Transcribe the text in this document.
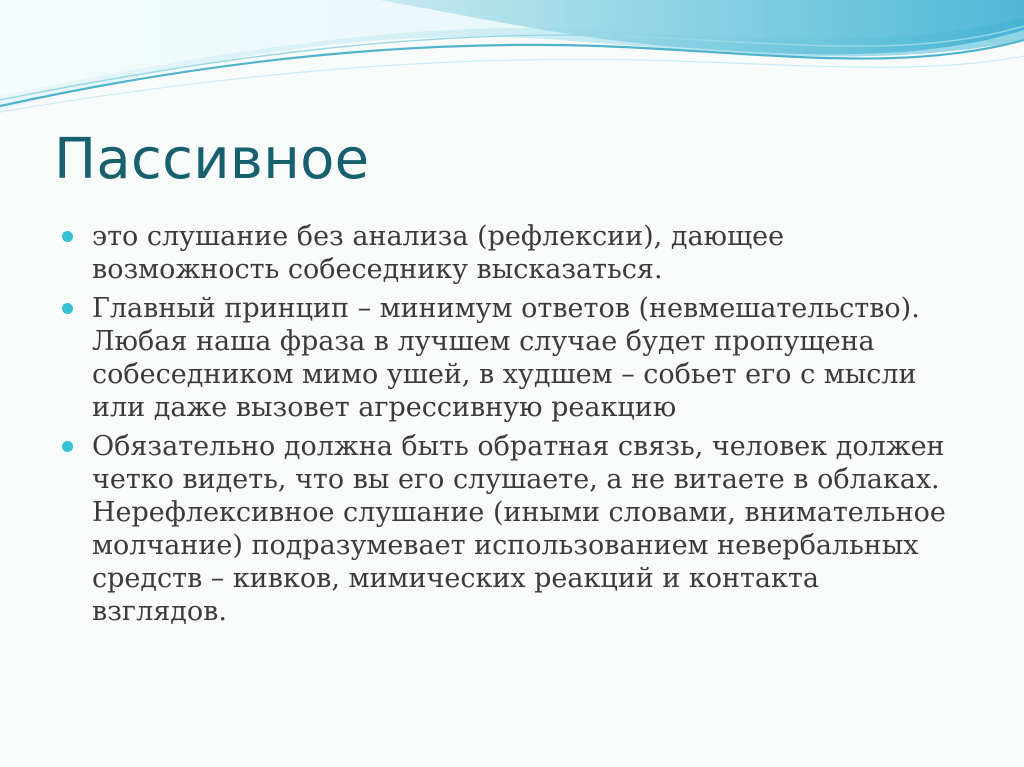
Пассивное
это слушание без анализа (рефлексии), дающее возможность собеседнику высказаться.
Главный принцип – минимум ответов (невмешательство). Любая наша фраза в лучшем случае будет пропущена собеседником мимо ушей, в худшем – собьет его с мысли или даже вызовет агрессивную реакцию
Обязательно должна быть обратная связь, человек должен четко видеть, что вы его слушаете, а не витаете в облаках. Нерефлексивное слушание (иными словами, внимательное молчание) подразумевает использованием невербальных средств – кивков, мимических реакций и контакта взглядов.
